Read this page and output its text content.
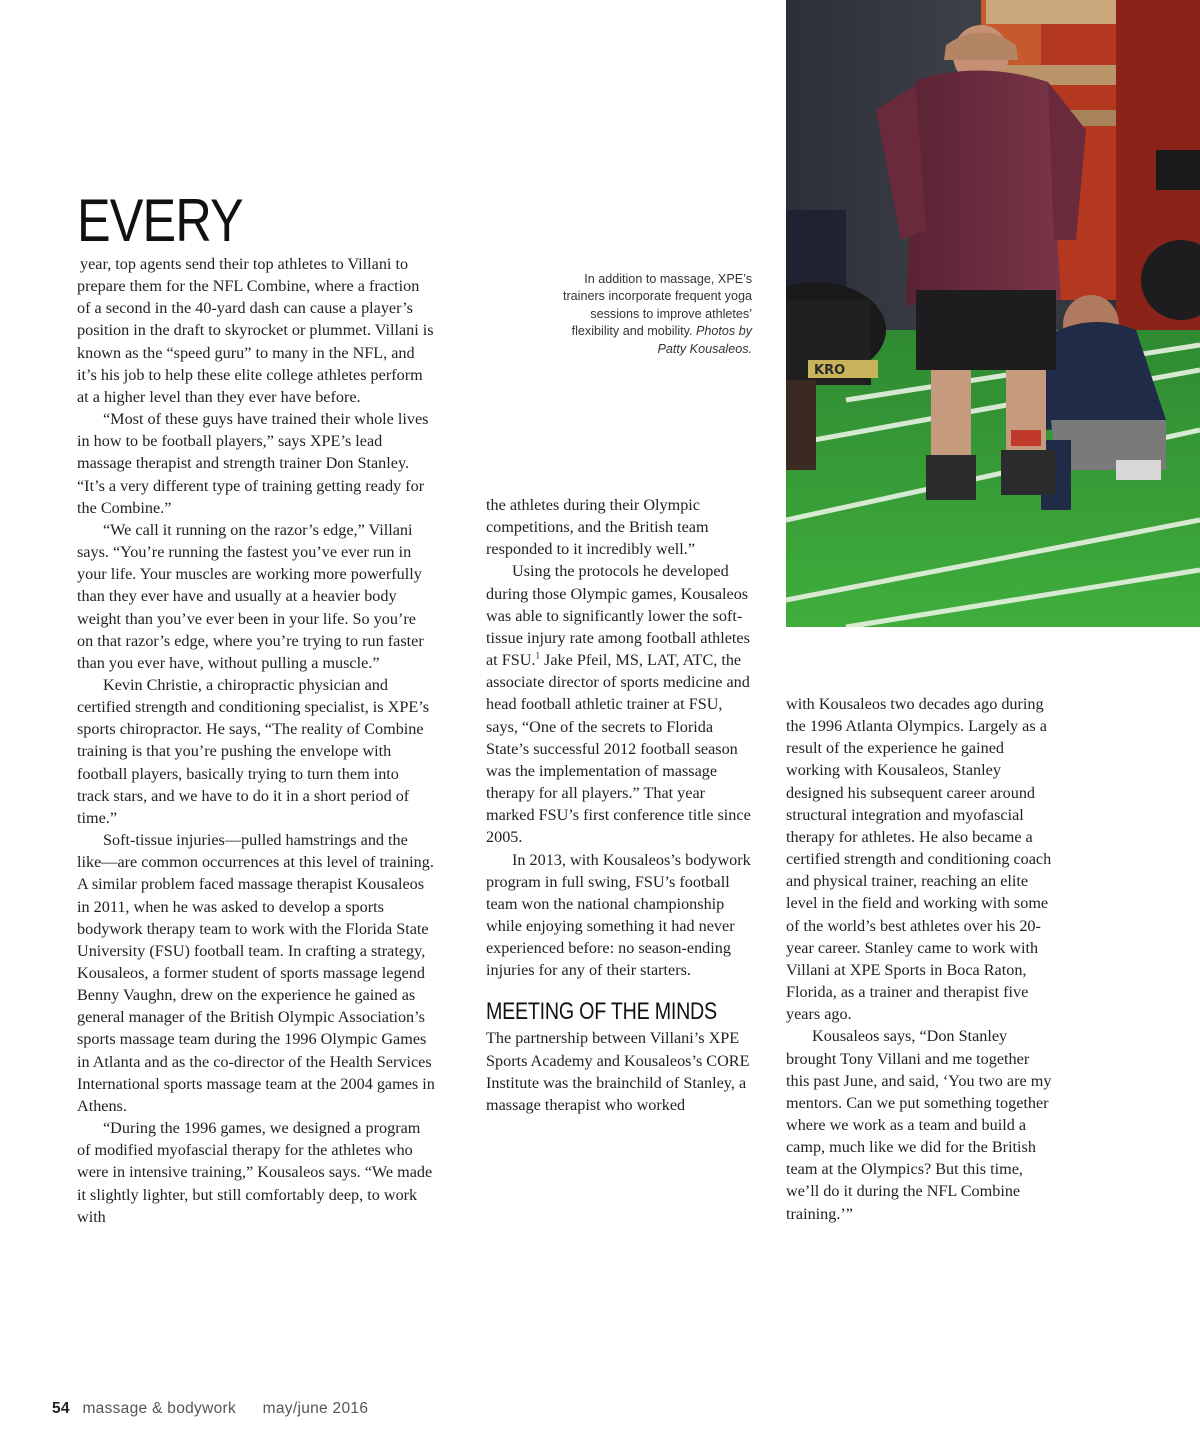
KRO
In addition to massage, XPE’s trainers incorporate frequent yoga sessions to improve athletes’ flexibility and mobility. Photos by Patty Kousaleos.
EVERY

year, top agents send their top athletes to Villani to prepare them for the NFL Combine, where a fraction of a second in the 40-yard dash can cause a player’s position in the draft to skyrocket or plummet. Villani is known as the “speed guru” to many in the NFL, and it’s his job to help these elite college athletes perform at a higher level than they ever have before.

“Most of these guys have trained their whole lives in how to be football players,” says XPE’s lead massage therapist and strength trainer Don Stanley. “It’s a very different type of training getting ready for the Combine.”

“We call it running on the razor’s edge,” Villani says. “You’re running the fastest you’ve ever run in your life. Your muscles are working more powerfully than they ever have and usually at a heavier body weight than you’ve ever been in your life. So you’re on that razor’s edge, where you’re trying to run faster than you ever have, without pulling a muscle.”

Kevin Christie, a chiropractic physician and certified strength and conditioning specialist, is XPE’s sports chiropractor. He says, “The reality of Combine training is that you’re pushing the envelope with football players, basically trying to turn them into track stars, and we have to do it in a short period of time.”

Soft-tissue injuries—pulled hamstrings and the like—are common occurrences at this level of training. A similar problem faced massage therapist Kousaleos in 2011, when he was asked to develop a sports bodywork therapy team to work with the Florida State University (FSU) football team. In crafting a strategy, Kousaleos, a former student of sports massage legend Benny Vaughn, drew on the experience he gained as general manager of the British Olympic Association’s sports massage team during the 1996 Olympic Games in Atlanta and as the co-director of the Health Services International sports massage team at the 2004 games in Athens.

“During the 1996 games, we designed a program of modified myofascial therapy for the athletes who were in intensive training,” Kousaleos says. “We made it slightly lighter, but still comfortably deep, to work with

the athletes during their Olympic competitions, and the British team responded to it incredibly well.”

Using the protocols he developed during those Olympic games, Kousaleos was able to significantly lower the soft-tissue injury rate among football athletes at FSU.$^1$ Jake Pfeil, MS, LAT, ATC, the associate director of sports medicine and head football athletic trainer at FSU, says, “One of the secrets to Florida State’s successful 2012 football season was the implementation of massage therapy for all players.” That year marked FSU’s first conference title since 2005.

In 2013, with Kousaleos’s bodywork program in full swing, FSU’s football team won the national championship while enjoying something it had never experienced before: no season-ending injuries for any of their starters.

MEETING OF THE MINDS

The partnership between Villani’s XPE Sports Academy and Kousaleos’s CORE Institute was the brainchild of Stanley, a massage therapist who worked

with Kousaleos two decades ago during the 1996 Atlanta Olympics. Largely as a result of the experience he gained working with Kousaleos, Stanley designed his subsequent career around structural integration and myofascial therapy for athletes. He also became a certified strength and conditioning coach and physical trainer, reaching an elite level in the field and working with some of the world’s best athletes over his 20-year career. Stanley came to work with Villani at XPE Sports in Boca Raton, Florida, as a trainer and therapist five years ago.

Kousaleos says, “Don Stanley brought Tony Villani and me together this past June, and said, ‘You two are my mentors. Can we put something together where we work as a team and build a camp, much like we did for the British team at the Olympics? But this time, we’ll do it during the NFL Combine training.’”

54 massage & bodywork may/june 2016
